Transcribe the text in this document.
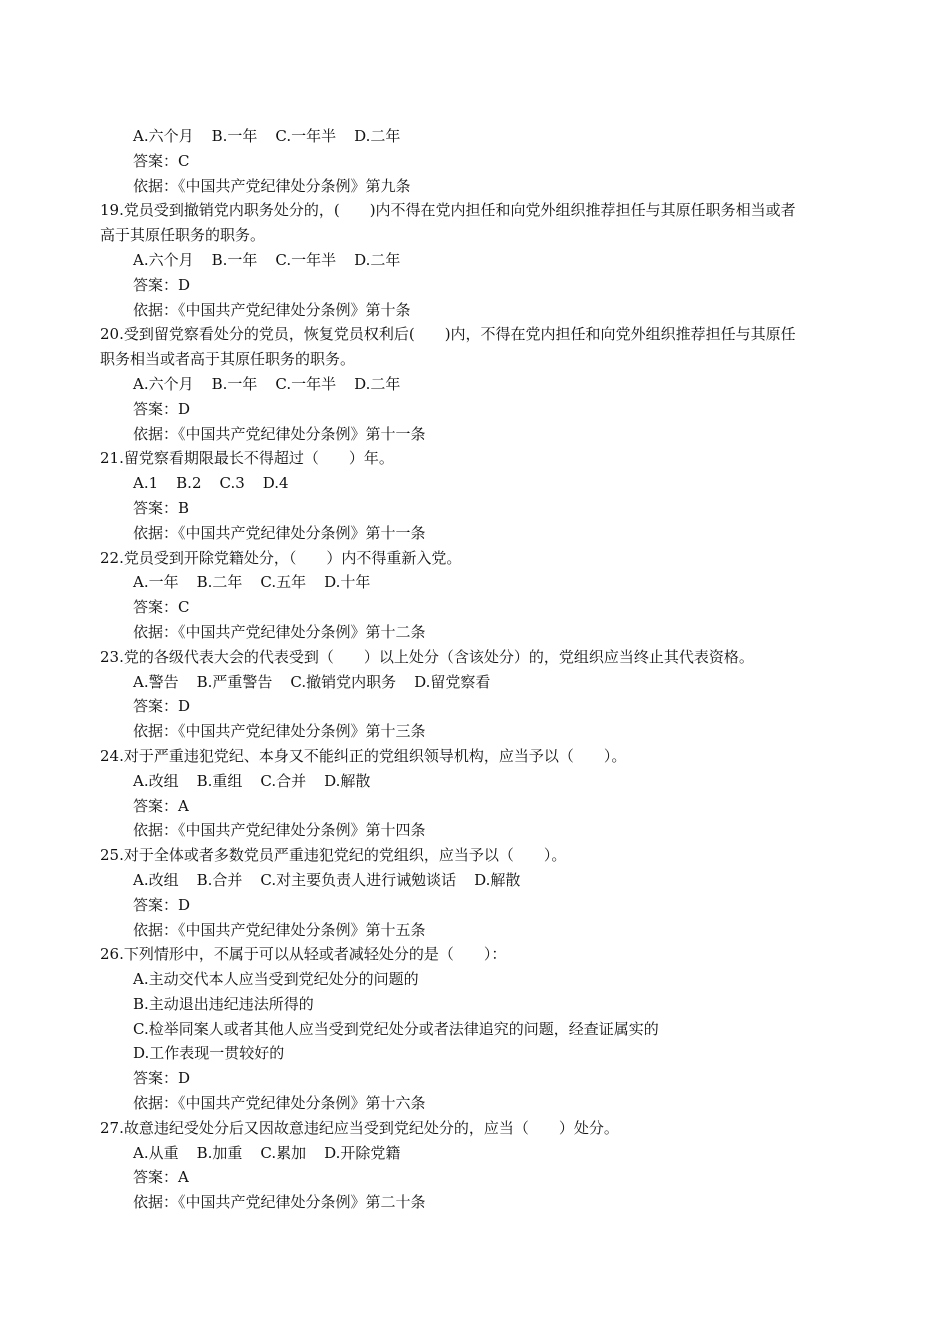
A.六个月 B.一年 C.一年半 D.二年
答案：C
依据：《中国共产党纪律处分条例》第九条
19.党员受到撤销党内职务处分的，(　　)内不得在党内担任和向党外组织推荐担任与其原任职务相当或者
高于其原任职务的职务。
A.六个月 B.一年 C.一年半 D.二年
答案：D
依据：《中国共产党纪律处分条例》第十条
20.受到留党察看处分的党员，恢复党员权利后(　　)内，不得在党内担任和向党外组织推荐担任与其原任
职务相当或者高于其原任职务的职务。
A.六个月 B.一年 C.一年半 D.二年
答案：D
依据：《中国共产党纪律处分条例》第十一条
21.留党察看期限最长不得超过（　　）年。
A.1 B.2 C.3 D.4
答案：B
依据：《中国共产党纪律处分条例》第十一条
22.党员受到开除党籍处分，（　　）内不得重新入党。
A.一年 B.二年 C.五年 D.十年
答案：C
依据：《中国共产党纪律处分条例》第十二条
23.党的各级代表大会的代表受到（　　）以上处分（含该处分）的，党组织应当终止其代表资格。
A.警告 B.严重警告 C.撤销党内职务 D.留党察看
答案：D
依据：《中国共产党纪律处分条例》第十三条
24.对于严重违犯党纪、本身又不能纠正的党组织领导机构，应当予以（　　）。
A.改组 B.重组 C.合并 D.解散
答案：A
依据：《中国共产党纪律处分条例》第十四条
25.对于全体或者多数党员严重违犯党纪的党组织，应当予以（　　）。
A.改组 B.合并 C.对主要负责人进行诫勉谈话 D.解散
答案：D
依据：《中国共产党纪律处分条例》第十五条
26.下列情形中，不属于可以从轻或者减轻处分的是（　　）：
A.主动交代本人应当受到党纪处分的问题的
B.主动退出违纪违法所得的
C.检举同案人或者其他人应当受到党纪处分或者法律追究的问题，经查证属实的
D.工作表现一贯较好的
答案：D
依据：《中国共产党纪律处分条例》第十六条
27.故意违纪受处分后又因故意违纪应当受到党纪处分的，应当（　　）处分。
A.从重 B.加重 C.累加 D.开除党籍
答案：A
依据：《中国共产党纪律处分条例》第二十条
